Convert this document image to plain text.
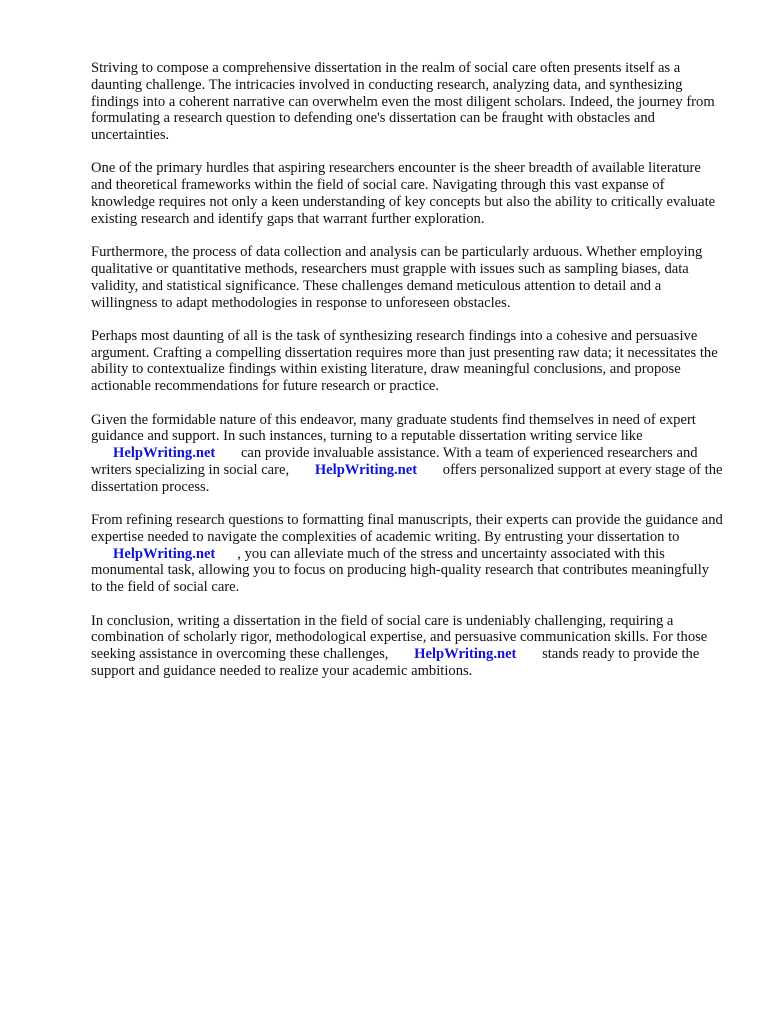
Striving to compose a comprehensive dissertation in the realm of social care often presents itself as a daunting challenge. The intricacies involved in conducting research, analyzing data, and synthesizing findings into a coherent narrative can overwhelm even the most diligent scholars. Indeed, the journey from formulating a research question to defending one's dissertation can be fraught with obstacles and uncertainties.

One of the primary hurdles that aspiring researchers encounter is the sheer breadth of available literature and theoretical frameworks within the field of social care. Navigating through this vast expanse of knowledge requires not only a keen understanding of key concepts but also the ability to critically evaluate existing research and identify gaps that warrant further exploration.

Furthermore, the process of data collection and analysis can be particularly arduous. Whether employing qualitative or quantitative methods, researchers must grapple with issues such as sampling biases, data validity, and statistical significance. These challenges demand meticulous attention to detail and a willingness to adapt methodologies in response to unforeseen obstacles.

Perhaps most daunting of all is the task of synthesizing research findings into a cohesive and persuasive argument. Crafting a compelling dissertation requires more than just presenting raw data; it necessitates the ability to contextualize findings within existing literature, draw meaningful conclusions, and propose actionable recommendations for future research or practice.

Given the formidable nature of this endeavor, many graduate students find themselves in need of expert guidance and support. In such instances, turning to a reputable dissertation writing service like HelpWriting.net can provide invaluable assistance. With a team of experienced researchers and writers specializing in social care, HelpWriting.net offers personalized support at every stage of the dissertation process.

From refining research questions to formatting final manuscripts, their experts can provide the guidance and expertise needed to navigate the complexities of academic writing. By entrusting your dissertation to HelpWriting.net , you can alleviate much of the stress and uncertainty associated with this monumental task, allowing you to focus on producing high-quality research that contributes meaningfully to the field of social care.

In conclusion, writing a dissertation in the field of social care is undeniably challenging, requiring a combination of scholarly rigor, methodological expertise, and persuasive communication skills. For those seeking assistance in overcoming these challenges, HelpWriting.net stands ready to provide the support and guidance needed to realize your academic ambitions.
